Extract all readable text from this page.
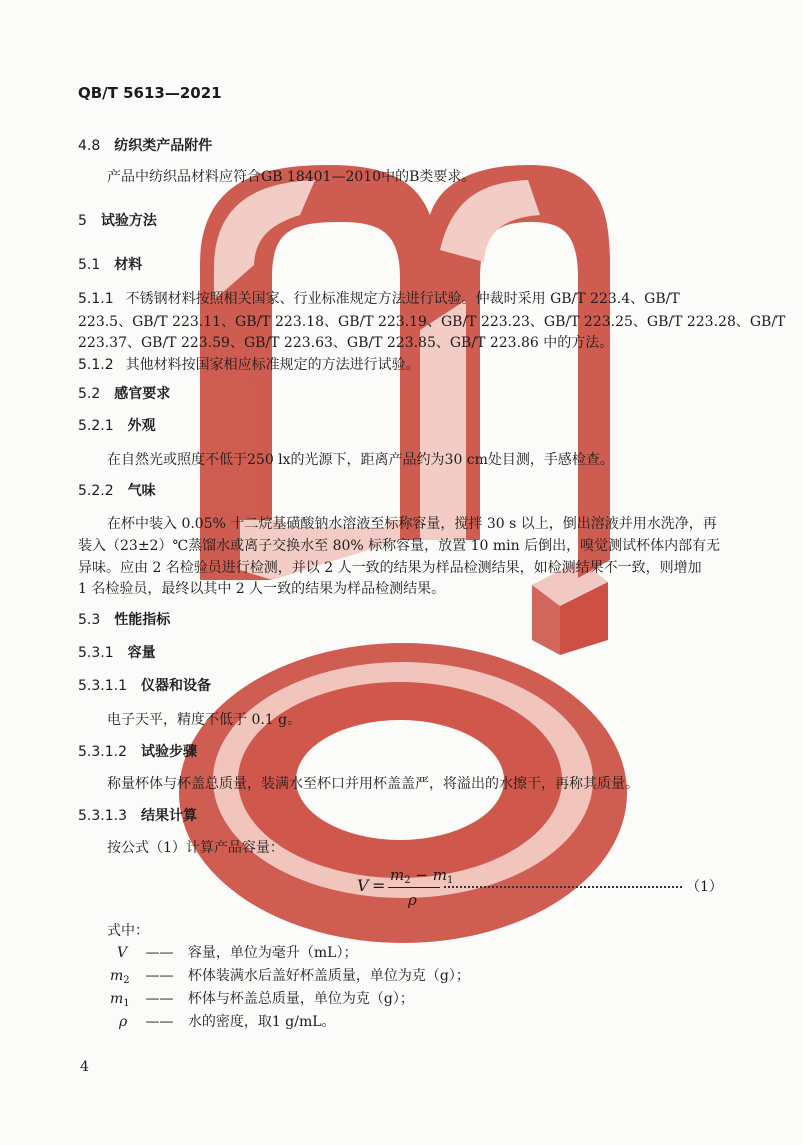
QB/T 5613—2021
4.8 纺织类产品附件
产品中纺织品材料应符合GB 18401—2010中的B类要求。
5 试验方法
5.1 材料
5.1.1 不锈钢材料按照相关国家、行业标准规定方法进行试验。仲裁时采用 GB/T 223.4、GB/T
223.5、GB/T 223.11、GB/T 223.18、GB/T 223.19、GB/T 223.23、GB/T 223.25、GB/T 223.28、GB/T
223.37、GB/T 223.59、GB/T 223.63、GB/T 223.85、GB/T 223.86 中的方法。
5.1.2 其他材料按国家相应标准规定的方法进行试验。
5.2 感官要求
5.2.1 外观
在自然光或照度不低于250 lx的光源下，距离产品约为30 cm处目测，手感检查。
5.2.2 气味
在杯中装入 0.05% 十二烷基磺酸钠水溶液至标称容量，搅拌 30 s 以上，倒出溶液并用水洗净，再
装入（23±2）℃蒸馏水或离子交换水至 80% 标称容量，放置 10 min 后倒出，嗅觉测试杯体内部有无
异味。应由 2 名检验员进行检测，并以 2 人一致的结果为样品检测结果，如检测结果不一致，则增加
1 名检验员，最终以其中 2 人一致的结果为样品检测结果。
5.3 性能指标
5.3.1 容量
5.3.1.1 仪器和设备
电子天平，精度不低于 0.1 g。
5.3.1.2 试验步骤
称量杯体与杯盖总质量，装满水至杯口并用杯盖盖严，将溢出的水擦干，再称其质量。
5.3.1.3 结果计算
按公式（1）计算产品容量：
V =
$m_2 - m_1$
ρ
（1）
式中：
V —— 容量，单位为毫升（mL）；
$m_2$ —— 杯体装满水后盖好杯盖质量，单位为克（g）；
$m_1$ —— 杯体与杯盖总质量，单位为克（g）；
ρ —— 水的密度，取1 g/mL。
4
